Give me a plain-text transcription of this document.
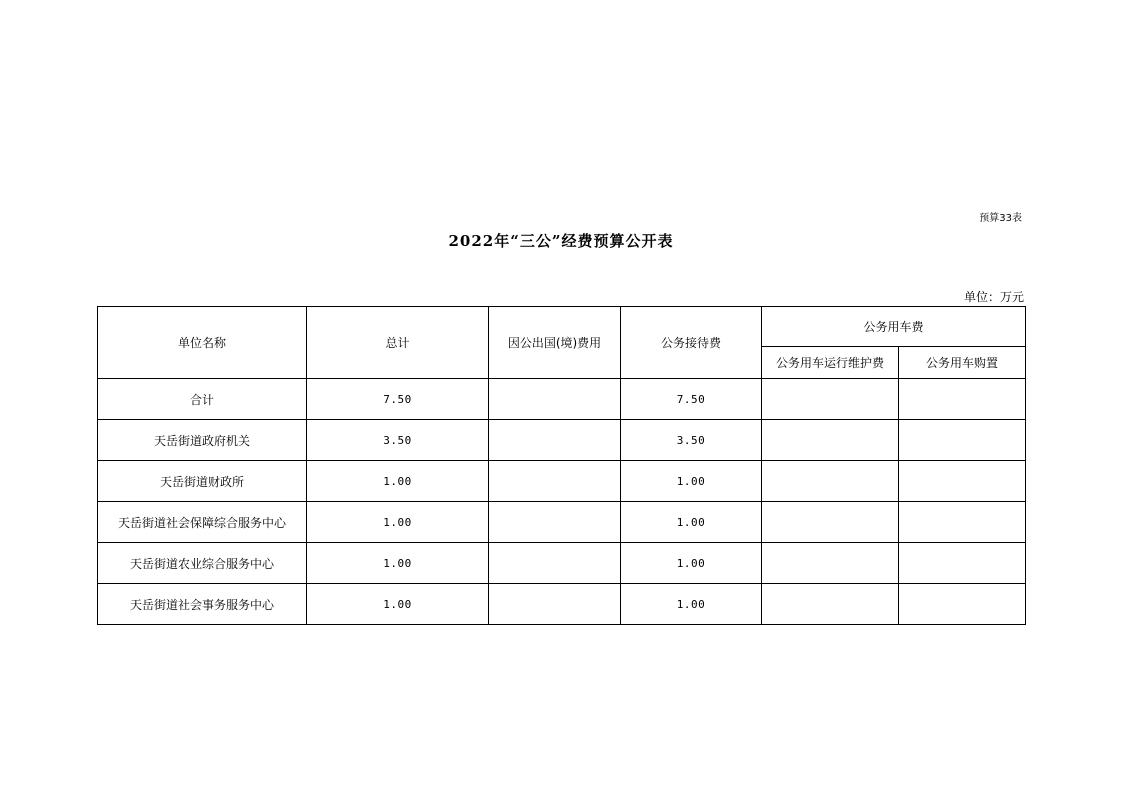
预算33表
2022年“三公”经费预算公开表
单位：万元
单位名称	总计	因公出国(境)费用	公务接待费	公务用车费	
				公务用车运行维护费	公务用车购置
合计	7.50		7.50		
天岳街道政府机关	3.50		3.50		
天岳街道财政所	1.00		1.00		
天岳街道社会保障综合服务中心	1.00		1.00		
天岳街道农业综合服务中心	1.00		1.00		
天岳街道社会事务服务中心	1.00		1.00		
